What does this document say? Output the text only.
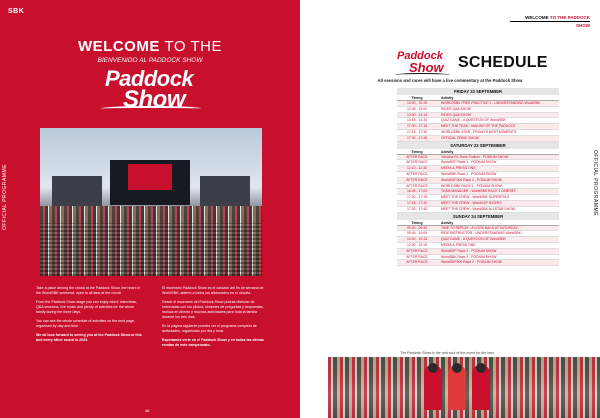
SBK
OFFICIAL PROGRAMME
WELCOME TO THE
BIENVENIDO AL PADDOCK SHOW
Paddock
Show

Take a place among the crowd at the Paddock Show, the heart of the WorldSBK weekend, open to all fans at the circuit.

From the Paddock Show stage you can enjoy riders' interviews, Q&A sessions, live music and plenty of activities for the whole family during the three days.

You can see the whole schedule of activities on the next page, organised by day and time.

We all look forward to seeing you at the Paddock Show at this and every other round in 2023.

El escenario Paddock Show es el corazón del fin de semana de WorldSBK, abierto a todos los aficionados en el circuito.

Desde el escenario del Paddock Show podrás disfrutar de entrevistas con los pilotos, sesiones de preguntas y respuestas, música en directo y muchas actividades para toda la familia durante los tres días.

En la página siguiente puedes ver el programa completo de actividades, organizado por día y hora.

Esperamos verte en el Paddock Show y en todas las demás rondas de este campeonato.

46
WELCOME TO THE PADDOCK SHOW
Paddock
Show SCHEDULE
All sessions and races will have a live commentary at the Paddock Show
FRIDAY 22 SEPTEMBER
Timing	Activity
10:30 - 10:45	WORLDSBK FREE PRACTICE 1 - UNDERSTANDING WorldSBK
12:45 - 13:00	RIDER Q&A SHOW
13:00 - 13:15	RIDER Q&A SHOW
13:15 - 13:30	QUIZ GAME - A QUESTION OF WorldSBK
17:00 - 17:15	MEET THE TEAM - MAKING OF THE PADDOCK
17:15 - 17:30	WORLDSBK STAR - FRIDAY'S BEST MOMENTS
17:30 - 17:45	OFFICIAL DRIVE SHOW
SATURDAY 23 SEPTEMBER
Timing	Activity
AFTER RACE	Yamaha R1 Race Podium - PODIUM SHOW
AFTER RACE	WorldSSP Race 1 - PODIUM SHOW
12:10 - 12:30	MEDIA & PRESS ONE
AFTER RACE	WorldSBK Race 1 - PODIUM SHOW
AFTER RACE	WorldSSP300 Race 1 - PODIUM SHOW
AFTER RACE	WORLDSBK RACE 1 - PODIUM SHOW
16:45 - 17:00	TEAM MANAGER - WorldSBK RACE 1 DEBRIEF
17:00 - 17:15	MEET THE CREW - WorldSBK SUPERPOLE
17:15 - 17:30	MEET THE CREW - WorldSSP RIDERS
17:30 - 17:45	MEET THE CREW - WorldSBK ALLSTAR SHOW
SUNDAY 24 SEPTEMBER
Timing	Activity
09:30 - 09:45	TIME TO REPLAY - A LOOK BACK AT SATURDAY
09:45 - 10:00	RIDE INSTRUCTOR - UNDERSTANDING WorldSBK
10:00 - 10:15	QUIZ GAME - A QUESTION OF WorldSBK
12:00 - 12:15	MEDIA & PRESS ONE
AFTER RACE	WorldSSP Race 2 - PODIUM SHOW
AFTER RACE	WorldSBK Race 2 - PODIUM SHOW
AFTER RACE	WorldSSP300 Race 2 - PODIUM SHOW
The Paddock Show is the real soul of the event for the fans
OFFICIAL PROGRAMME
